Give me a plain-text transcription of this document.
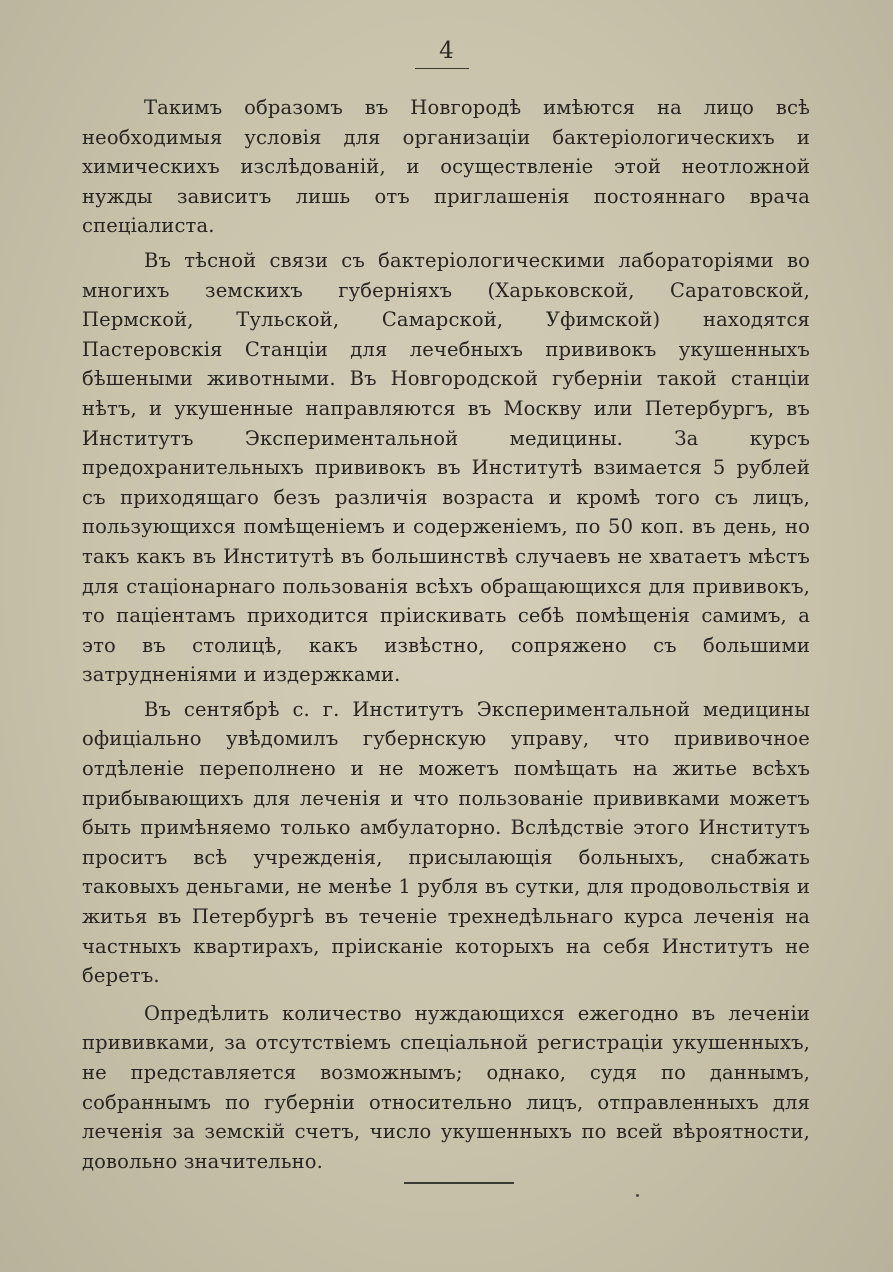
4

Такимъ образомъ въ Новгородѣ имѣются на лицо всѣ необходимыя условія для организаціи бактеріологическихъ и химическихъ изслѣдованій, и осуществленіе этой неотложной нужды зависитъ лишь отъ приглашенія постояннаго врача спеціалиста.

Въ тѣсной связи съ бактеріологическими лабораторіями во многихъ земскихъ губерніяхъ (Харьковской, Саратовской, Пермской, Тульской, Самарской, Уфимской) находятся Пастеровскія Станціи для лечебныхъ прививокъ укушенныхъ бѣшеными животными. Въ Новгородской губерніи такой станціи нѣтъ, и укушенные направляются въ Москву или Петербургъ, въ Институтъ Экспериментальной медицины. За курсъ предохранительныхъ прививокъ въ Институтѣ взимается 5 рублей съ приходящаго безъ различія возраста и кромѣ того съ лицъ, пользующихся помѣщеніемъ и содерженіемъ, по 50 коп. въ день, но такъ какъ въ Институтѣ въ большинствѣ случаевъ не хватаетъ мѣстъ для стаціонарнаго пользованія всѣхъ обращающихся для прививокъ, то паціентамъ приходится пріискивать себѣ помѣщенія самимъ, а это въ столицѣ, какъ извѣстно, сопряжено съ большими затрудненіями и издержками.

Въ сентябрѣ с. г. Институтъ Экспериментальной медицины офиціально увѣдомилъ губернскую управу, что прививочное отдѣленіе переполнено и не можетъ помѣщать на житье всѣхъ прибывающихъ для леченія и что пользованіе прививками можетъ быть примѣняемо только амбулаторно. Вслѣдствіе этого Институтъ проситъ всѣ учрежденія, присылающія больныхъ, снабжать таковыхъ деньгами, не менѣе 1 рубля въ сутки, для продовольствія и житья въ Петербургѣ въ теченіе трехнедѣльнаго курса леченія на частныхъ квартирахъ, пріисканіе которыхъ на себя Институтъ не беретъ.

Опредѣлить количество нуждающихся ежегодно въ леченіи прививками, за отсутствіемъ спеціальной регистраціи укушенныхъ, не представляется возможнымъ; однако, судя по даннымъ, собраннымъ по губерніи относительно лицъ, отправленныхъ для леченія за земскій счетъ, число укушенныхъ по всей вѣроятности, довольно значительно.
